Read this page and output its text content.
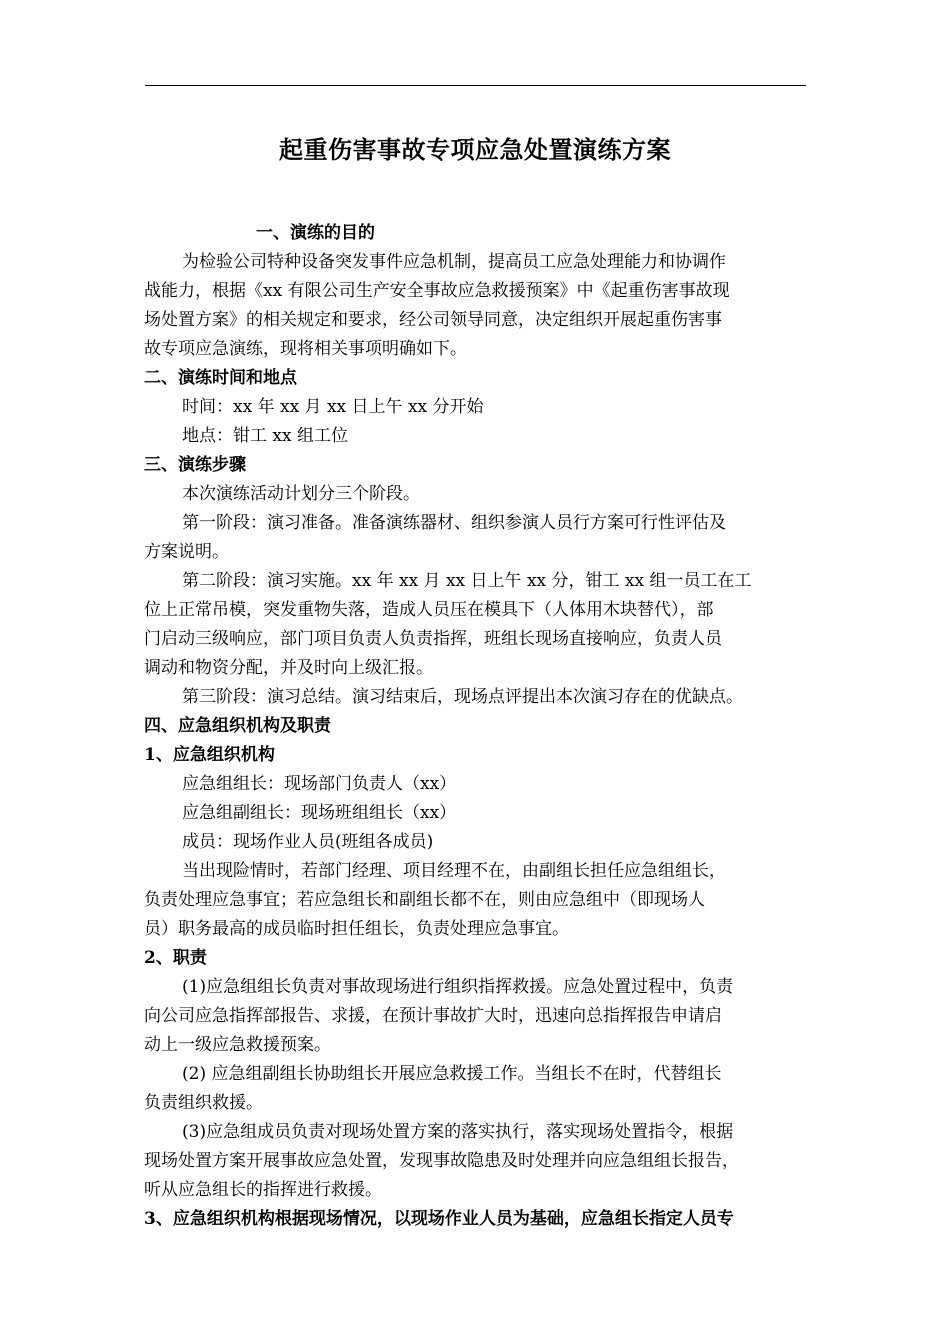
起重伤害事故专项应急处置演练方案
一、演练的目的
为检验公司特种设备突发事件应急机制，提高员工应急处理能力和协调作
战能力，根据《xx 有限公司生产安全事故应急救援预案》中《起重伤害事故现
场处置方案》的相关规定和要求，经公司领导同意，决定组织开展起重伤害事
故专项应急演练，现将相关事项明确如下。
二、演练时间和地点
时间：xx 年 xx 月 xx 日上午 xx 分开始
地点：钳工 xx 组工位
三、演练步骤
本次演练活动计划分三个阶段。
第一阶段：演习准备。准备演练器材、组织参演人员行方案可行性评估及
方案说明。
第二阶段：演习实施。xx 年 xx 月 xx 日上午 xx 分，钳工 xx 组一员工在工
位上正常吊模，突发重物失落，造成人员压在模具下（人体用木块替代），部
门启动三级响应，部门项目负责人负责指挥，班组长现场直接响应，负责人员
调动和物资分配，并及时向上级汇报。
第三阶段：演习总结。演习结束后，现场点评提出本次演习存在的优缺点。
四、应急组织机构及职责
1、应急组织机构
应急组组长：现场部门负责人（xx）
应急组副组长：现场班组组长（xx）
成员：现场作业人员(班组各成员)
当出现险情时，若部门经理、项目经理不在，由副组长担任应急组组长，
负责处理应急事宜；若应急组长和副组长都不在，则由应急组中（即现场人
员）职务最高的成员临时担任组长，负责处理应急事宜。
2、职责
(1)应急组组长负责对事故现场进行组织指挥救援。应急处置过程中，负责
向公司应急指挥部报告、求援，在预计事故扩大时，迅速向总指挥报告申请启
动上一级应急救援预案。
(2) 应急组副组长协助组长开展应急救援工作。当组长不在时，代替组长
负责组织救援。
(3)应急组成员负责对现场处置方案的落实执行，落实现场处置指令，根据
现场处置方案开展事故应急处置，发现事故隐患及时处理并向应急组组长报告，
听从应急组长的指挥进行救援。
3、应急组织机构根据现场情况，以现场作业人员为基础，应急组长指定人员专
